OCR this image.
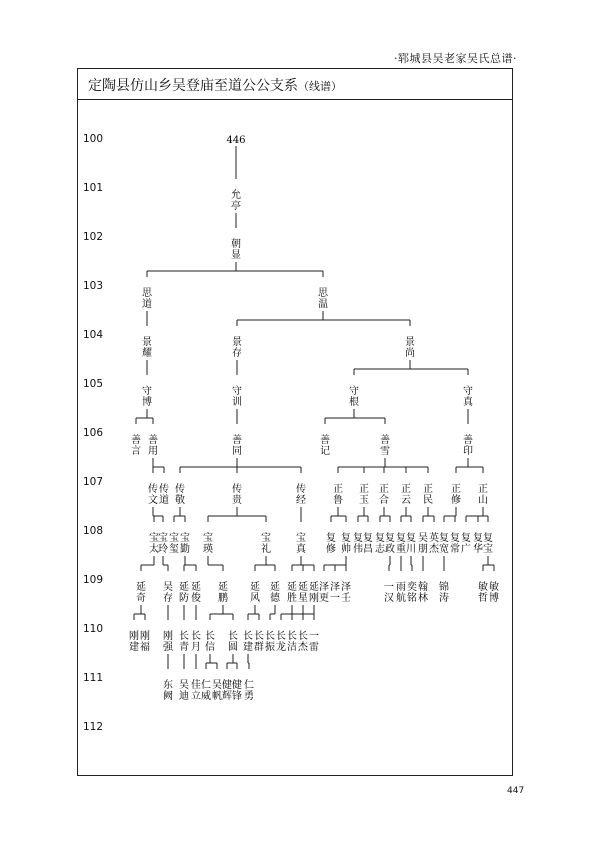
·郓城县吴老家吴氏总谱·
定陶县仿山乡吴登庙至道公公支系（线谱）
100
101
102
103
104
105
106
107
108
109
110
111
112
446
允亭
朝显
思道
思温
景耀
景存
景尚
守博
守训
守根
守真
善言
善用
善同
善记
善雪
善印
传文
传道
传敬
传贵
传经
正鲁
正玉
正合
正云
正民
正修
正山
宝太
宝玲
宝玺
宝勤
宝瑛
宝礼
宝真
复修
复帅
复伟
复昌
复志
复政
复重
复川
吴朋
英杰
复宽
复常
复广
复华
复宝
延奇
吴存
延防
延俊
延鹏
延风
延德
延胜
延星
延刚
泽更
泽一
泽壬
一汉
雨航
奕铭
翰林
锦涛
敏哲
敏博
刚建
刚福
刚强
长青
长月
长信
长圆
长建
长群
长振
长龙
长洁
长杰
一雷
东阙
吴迪
佳立
仁威
吴帆
健辉
健锋
仁勇
447
